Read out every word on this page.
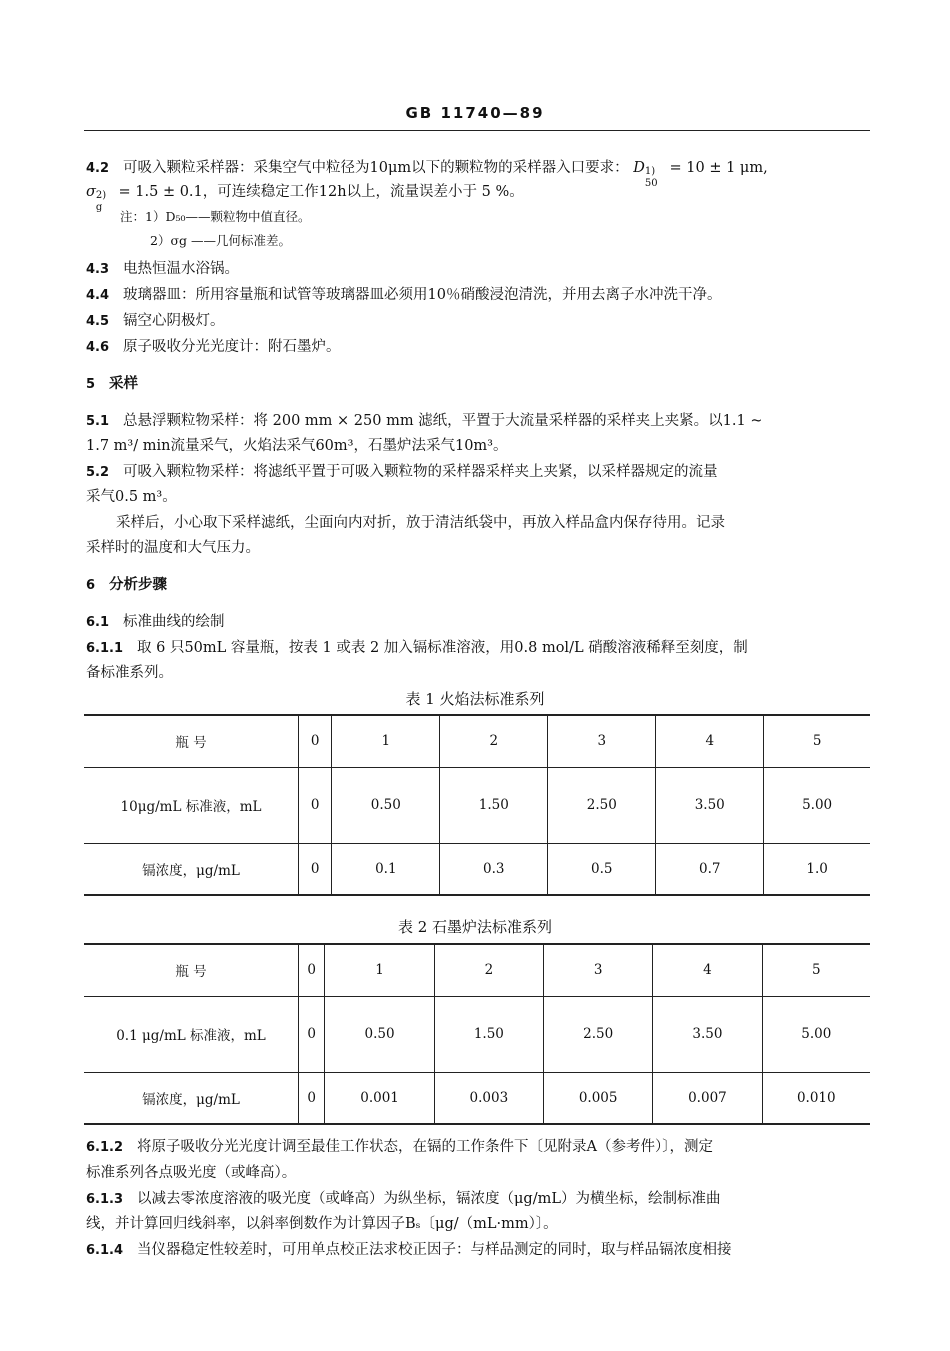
GB 11740—89
4.2 可吸入颗粒采样器：采集空气中粒径为10μm以下的颗粒物的采样器入口要求： D 1)
50
= 10 ± 1 μm,
σ 2)
g
= 1.5 ± 0.1，可连续稳定工作12h以上，流量误差小于 5 %。
注：1）D₅₀——颗粒物中值直径。
2）σg ——几何标准差。
4.3 电热恒温水浴锅。
4.4 玻璃器皿：所用容量瓶和试管等玻璃器皿必须用10％硝酸浸泡清洗，并用去离子水冲洗干净。
4.5 镉空心阴极灯。
4.6 原子吸收分光光度计：附石墨炉。
5 采样
5.1 总悬浮颗粒物采样：将 200 mm × 250 mm 滤纸，平置于大流量采样器的采样夹上夹紧。以1.1 ~
1.7 m³/ min流量采气，火焰法采气60m³，石墨炉法采气10m³。
5.2 可吸入颗粒物采样：将滤纸平置于可吸入颗粒物的采样器采样夹上夹紧，以采样器规定的流量
采气0.5 m³。
采样后，小心取下采样滤纸，尘面向内对折，放于清洁纸袋中，再放入样品盒内保存待用。记录
采样时的温度和大气压力。
6 分析步骤
6.1 标准曲线的绘制
6.1.1 取 6 只50mL 容量瓶，按表 1 或表 2 加入镉标准溶液，用0.8 mol/L 硝酸溶液稀释至刻度，制
备标准系列。
表 1 火焰法标准系列
瓶 号	0	1	2	3	4	5
10μg/mL 标准液，mL	0	0.50	1.50	2.50	3.50	5.00
镉浓度，μg/mL	0	0.1	0.3	0.5	0.7	1.0
表 2 石墨炉法标准系列
瓶 号	0	1	2	3	4	5
0.1 μg/mL 标准液，mL	0	0.50	1.50	2.50	3.50	5.00
镉浓度，μg/mL	0	0.001	0.003	0.005	0.007	0.010
6.1.2 将原子吸收分光光度计调至最佳工作状态，在镉的工作条件下〔见附录A（参考件）〕，测定
标准系列各点吸光度（或峰高）。
6.1.3 以减去零浓度溶液的吸光度（或峰高）为纵坐标，镉浓度（μg/mL）为横坐标，绘制标准曲
线，并计算回归线斜率，以斜率倒数作为计算因子Bₛ〔μg/（mL·mm）〕。
6.1.4 当仪器稳定性较差时，可用单点校正法求校正因子：与样品测定的同时，取与样品镉浓度相接
